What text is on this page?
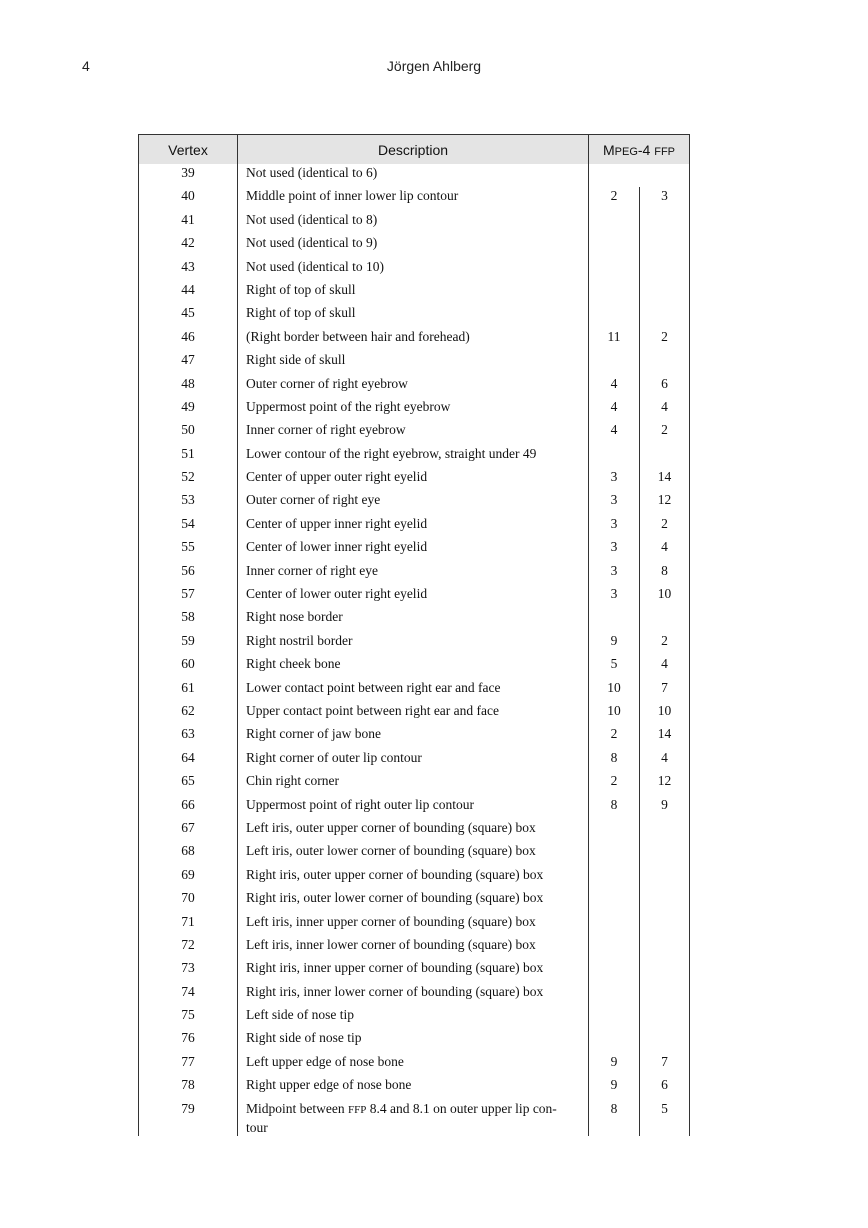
4	Jörgen Ahlberg
Vertex	Description	MPEG-4 FFP	
39	Not used (identical to 6)		
40	Middle point of inner lower lip contour	2	3
41	Not used (identical to 8)		
42	Not used (identical to 9)		
43	Not used (identical to 10)		
44	Right of top of skull		
45	Right of top of skull		
46	(Right border between hair and forehead)	11	2
47	Right side of skull		
48	Outer corner of right eyebrow	4	6
49	Uppermost point of the right eyebrow	4	4
50	Inner corner of right eyebrow	4	2
51	Lower contour of the right eyebrow, straight under 49		
52	Center of upper outer right eyelid	3	14
53	Outer corner of right eye	3	12
54	Center of upper inner right eyelid	3	2
55	Center of lower inner right eyelid	3	4
56	Inner corner of right eye	3	8
57	Center of lower outer right eyelid	3	10
58	Right nose border		
59	Right nostril border	9	2
60	Right cheek bone	5	4
61	Lower contact point between right ear and face	10	7
62	Upper contact point between right ear and face	10	10
63	Right corner of jaw bone	2	14
64	Right corner of outer lip contour	8	4
65	Chin right corner	2	12
66	Uppermost point of right outer lip contour	8	9
67	Left iris, outer upper corner of bounding (square) box		
68	Left iris, outer lower corner of bounding (square) box		
69	Right iris, outer upper corner of bounding (square) box		
70	Right iris, outer lower corner of bounding (square) box		
71	Left iris, inner upper corner of bounding (square) box		
72	Left iris, inner lower corner of bounding (square) box		
73	Right iris, inner upper corner of bounding (square) box		
74	Right iris, inner lower corner of bounding (square) box		
75	Left side of nose tip		
76	Right side of nose tip		
77	Left upper edge of nose bone	9	7
78	Right upper edge of nose bone	9	6
79	Midpoint between FFP 8.4 and 8.1 on outer upper lip con-
tour	8	5
